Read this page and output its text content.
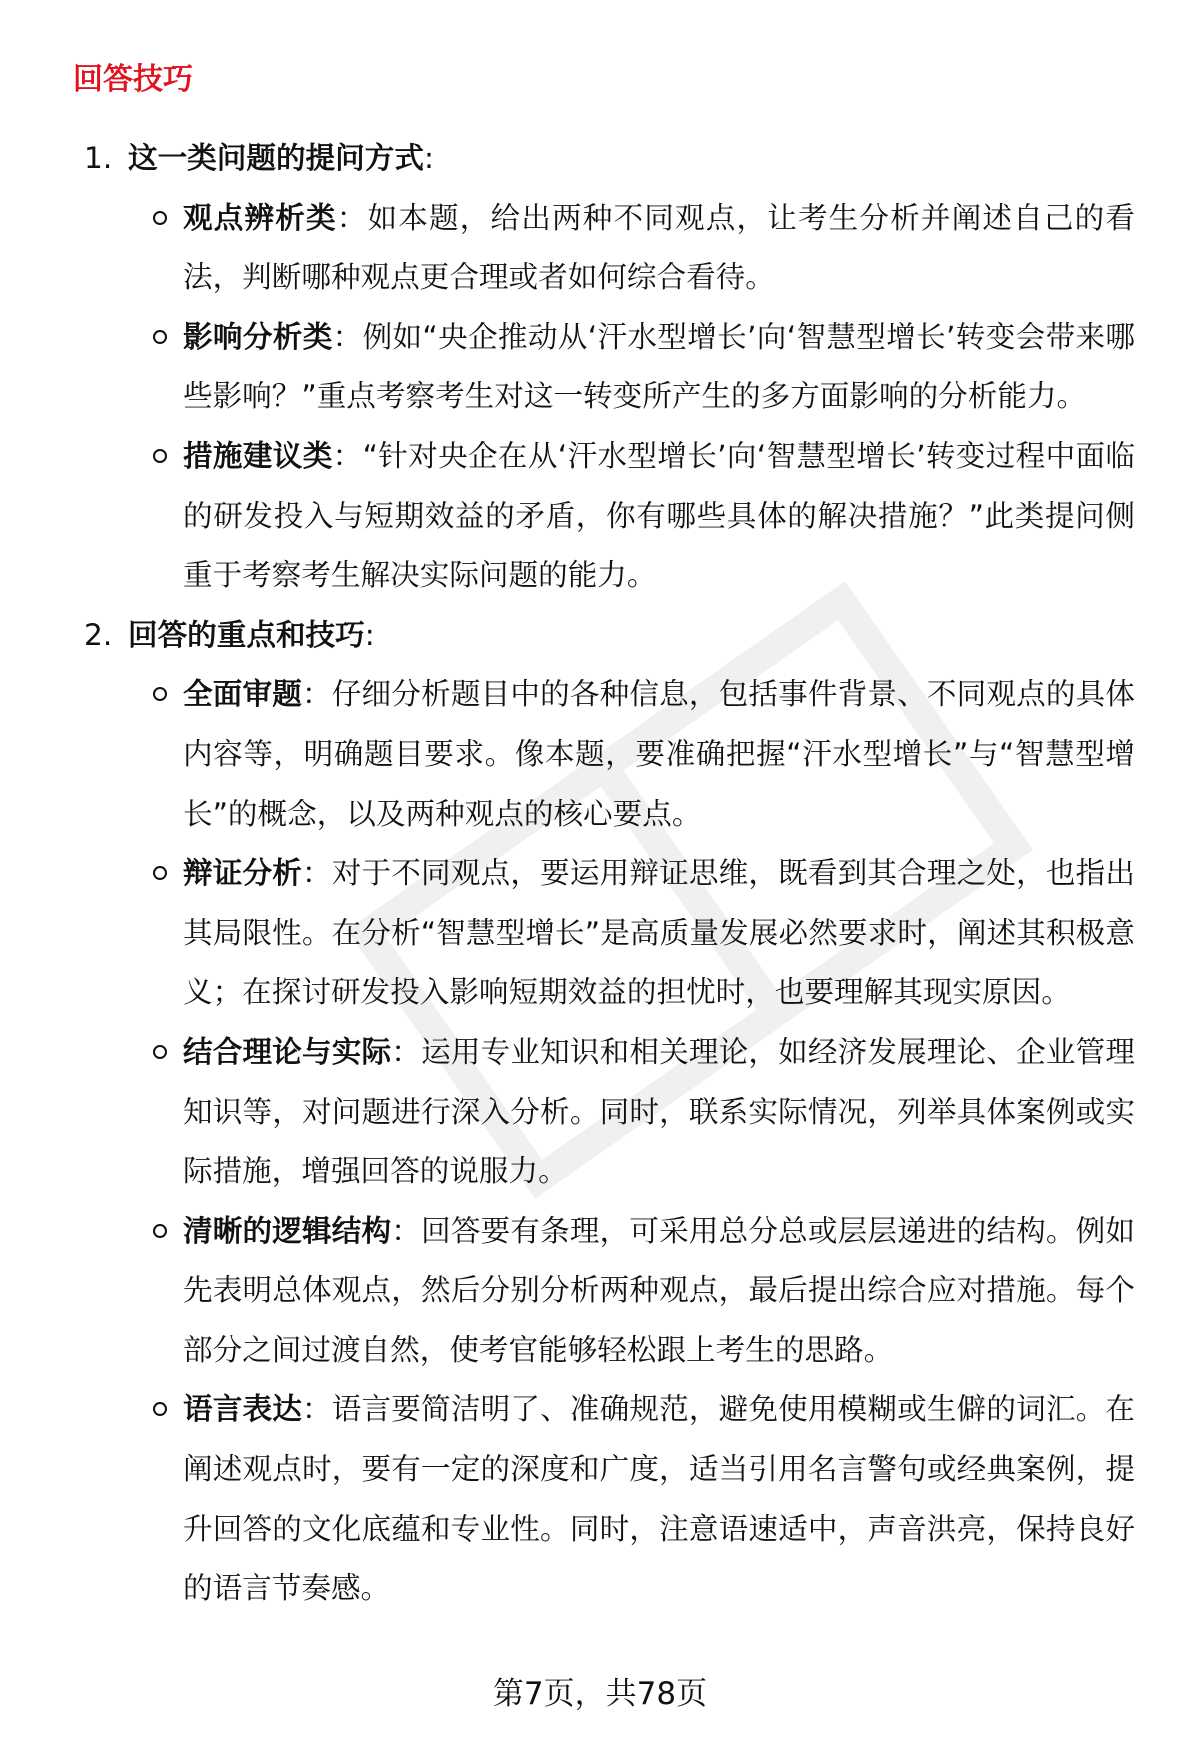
回答技巧
1. 这一类问题的提问方式:
观点辨析类：如本题，给出两种不同观点，让考生分析并阐述自己的看法，判断哪种观点更合理或者如何综合看待。
影响分析类：例如“央企推动从‘汗水型增长’向‘智慧型增长’转变会带来哪些影响？”重点考察考生对这一转变所产生的多方面影响的分析能力。
措施建议类：“针对央企在从‘汗水型增长’向‘智慧型增长’转变过程中面临的研发投入与短期效益的矛盾，你有哪些具体的解决措施？”此类提问侧重于考察考生解决实际问题的能力。
2. 回答的重点和技巧:
全面审题：仔细分析题目中的各种信息，包括事件背景、不同观点的具体内容等，明确题目要求。像本题，要准确把握“汗水型增长”与“智慧型增长”的概念，以及两种观点的核心要点。
辩证分析：对于不同观点，要运用辩证思维，既看到其合理之处，也指出其局限性。在分析“智慧型增长”是高质量发展必然要求时，阐述其积极意义；在探讨研发投入影响短期效益的担忧时，也要理解其现实原因。
结合理论与实际：运用专业知识和相关理论，如经济发展理论、企业管理知识等，对问题进行深入分析。同时，联系实际情况，列举具体案例或实际措施，增强回答的说服力。
清晰的逻辑结构：回答要有条理，可采用总分总或层层递进的结构。例如先表明总体观点，然后分别分析两种观点，最后提出综合应对措施。每个部分之间过渡自然，使考官能够轻松跟上考生的思路。
语言表达：语言要简洁明了、准确规范，避免使用模糊或生僻的词汇。在阐述观点时，要有一定的深度和广度，适当引用名言警句或经典案例，提升回答的文化底蕴和专业性。同时，注意语速适中，声音洪亮，保持良好的语言节奏感。
第7页，共78页
